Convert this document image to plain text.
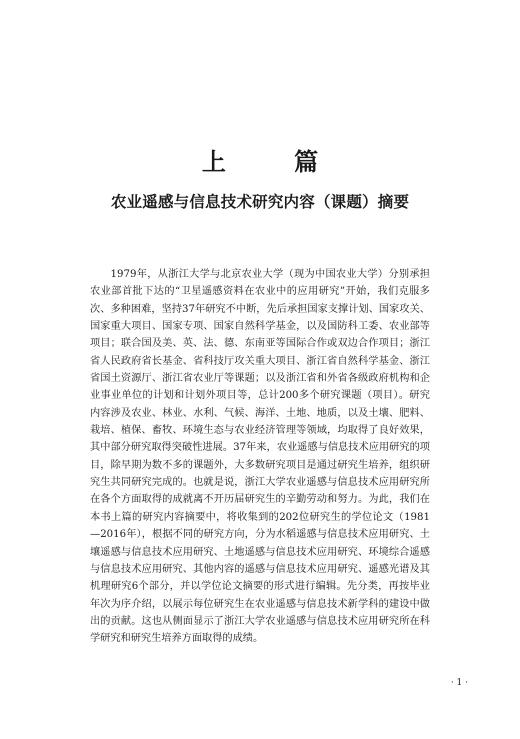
上 篇
农业遥感与信息技术研究内容（课题）摘要

1979年，从浙江大学与北京农业大学（现为中国农业大学）分别承担农业部首批下达的“卫星遥感资料在农业中的应用研究”开始，我们克服多次、多种困难，坚持37年研究不中断，先后承担国家支撑计划、国家攻关、国家重大项目、国家专项、国家自然科学基金，以及国防科工委、农业部等项目；联合国及美、英、法、德、东南亚等国际合作或双边合作项目；浙江省人民政府省长基金、省科技厅攻关重大项目、浙江省自然科学基金、浙江省国土资源厅、浙江省农业厅等课题；以及浙江省和外省各级政府机构和企业事业单位的计划和计划外项目等，总计200多个研究课题（项目）。研究内容涉及农业、林业、水利、气候、海洋、土地、地质，以及土壤、肥料、栽培、植保、畜牧、环境生态与农业经济管理等领域，均取得了良好效果，其中部分研究取得突破性进展。37年来，农业遥感与信息技术应用研究的项目，除早期为数不多的课题外，大多数研究项目是通过研究生培养，组织研究生共同研究完成的。也就是说，浙江大学农业遥感与信息技术应用研究所在各个方面取得的成就离不开历届研究生的辛勤劳动和努力。为此，我们在本书上篇的研究内容摘要中，将收集到的202位研究生的学位论文（1981—2016年），根据不同的研究方向，分为水稻遥感与信息技术应用研究、土壤遥感与信息技术应用研究、土地遥感与信息技术应用研究、环境综合遥感与信息技术应用研究、其他内容的遥感与信息技术应用研究、遥感光谱及其机理研究6个部分，并以学位论文摘要的形式进行编辑。先分类，再按毕业年次为序介绍，以展示每位研究生在农业遥感与信息技术新学科的建设中做出的贡献。这也从侧面显示了浙江大学农业遥感与信息技术应用研究所在科学研究和研究生培养方面取得的成绩。

· 1 ·
